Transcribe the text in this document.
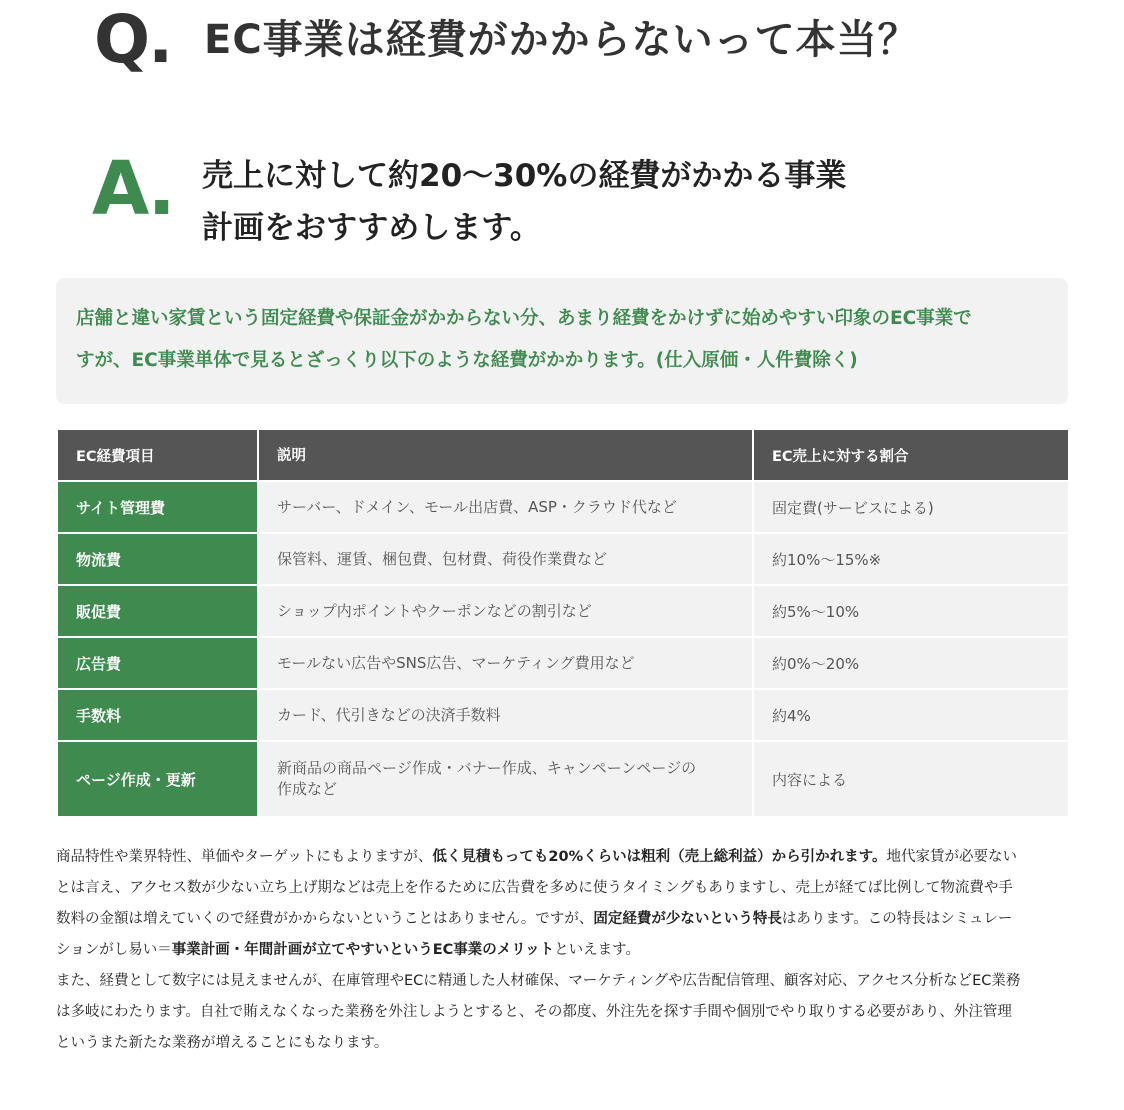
Q. EC事業は経費がかからないって本当？
A. 売上に対して約20〜30%の経費がかかる事業
計画をおすすめします。

店舗と違い家賃という固定経費や保証金がかからない分、あまり経費をかけずに始めやすい印象のEC事業で

すが、EC事業単体で見るとざっくり以下のような経費がかかります。(仕入原価・人件費除く)

EC経費項目	説明	EC売上に対する割合
サイト管理費	サーバー、ドメイン、モール出店費、ASP・クラウド代など	固定費(サービスによる)
物流費	保管料、運賃、梱包費、包材費、荷役作業費など	約10%〜15%※
販促費	ショップ内ポイントやクーポンなどの割引など	約5%〜10%
広告費	モールない広告やSNS広告、マーケティング費用など	約0%〜20%
手数料	カード、代引きなどの決済手数料	約4%
ページ作成・更新	新商品の商品ページ作成・バナー作成、キャンペーンページの
作成など	内容による
商品特性や業界特性、単価やターゲットにもよりますが、低く見積もっても20%くらいは粗利（売上総利益）から引かれます。地代家賃が必要ない
とは言え、アクセス数が少ない立ち上げ期などは売上を作るために広告費を多めに使うタイミングもありますし、売上が経てば比例して物流費や手
数料の金額は増えていくので経費がかからないということはありません。ですが、固定経費が少ないという特長はあります。この特長はシミュレー
ションがし易い＝事業計画・年間計画が立てやすいというEC事業のメリットといえます。
また、経費として数字には見えませんが、在庫管理やECに精通した人材確保、マーケティングや広告配信管理、顧客対応、アクセス分析などEC業務
は多岐にわたります。自社で賄えなくなった業務を外注しようとすると、その都度、外注先を探す手間や個別でやり取りする必要があり、外注管理
というまた新たな業務が増えることにもなります。
